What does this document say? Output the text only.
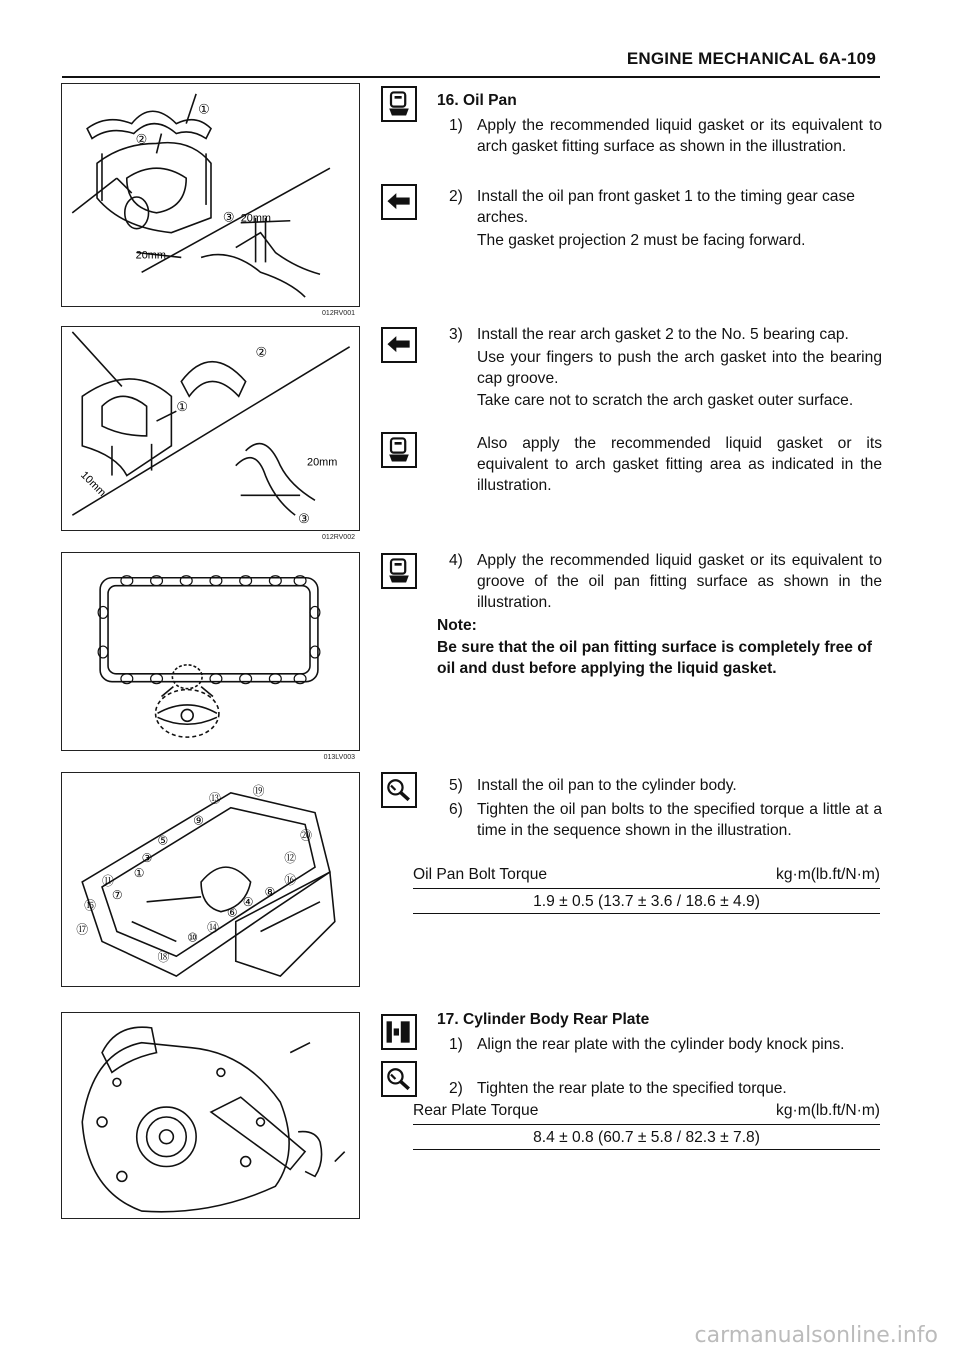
ENGINE MECHANICAL 6A-109
①
②
③ 20mm
20mm
012RV001
②
①
③
20mm
10mm
012RV002
013LV003
①
③
⑤
⑨
⑬
⑲
⑳
⑫
⑯
⑧
④
⑥
⑭
⑩
⑪
⑦
⑮
⑰
⑱
16. Oil Pan
1) Apply the recommended liquid gasket or its equivalent to arch gasket fitting surface as shown in the illustration.
2) Install the oil pan front gasket 1 to the timing gear case arches.
The gasket projection 2 must be facing forward.
3) Install the rear arch gasket 2 to the No. 5 bearing cap.
Use your fingers to push the arch gasket into the bearing cap groove.
Take care not to scratch the arch gasket outer surface.
Also apply the recommended liquid gasket or its equivalent to arch gasket fitting area as indicated in the illustration.
4) Apply the recommended liquid gasket or its equivalent to groove of the oil pan fitting surface as shown in the illustration.
Note:
Be sure that the oil pan fitting surface is completely free of oil and dust before applying the liquid gasket.
5) Install the oil pan to the cylinder body.
6) Tighten the oil pan bolts to the specified torque a little at a time in the sequence shown in the illustration.
Oil Pan Bolt Torque	kg·m(lb.ft/N·m)
1.9 ± 0.5 (13.7 ± 3.6 / 18.6 ± 4.9)
17. Cylinder Body Rear Plate
1) Align the rear plate with the cylinder body knock pins.
2) Tighten the rear plate to the specified torque.
Rear Plate Torque	kg·m(lb.ft/N·m)
8.4 ± 0.8 (60.7 ± 5.8 / 82.3 ± 7.8)
carmanualsonline.info
